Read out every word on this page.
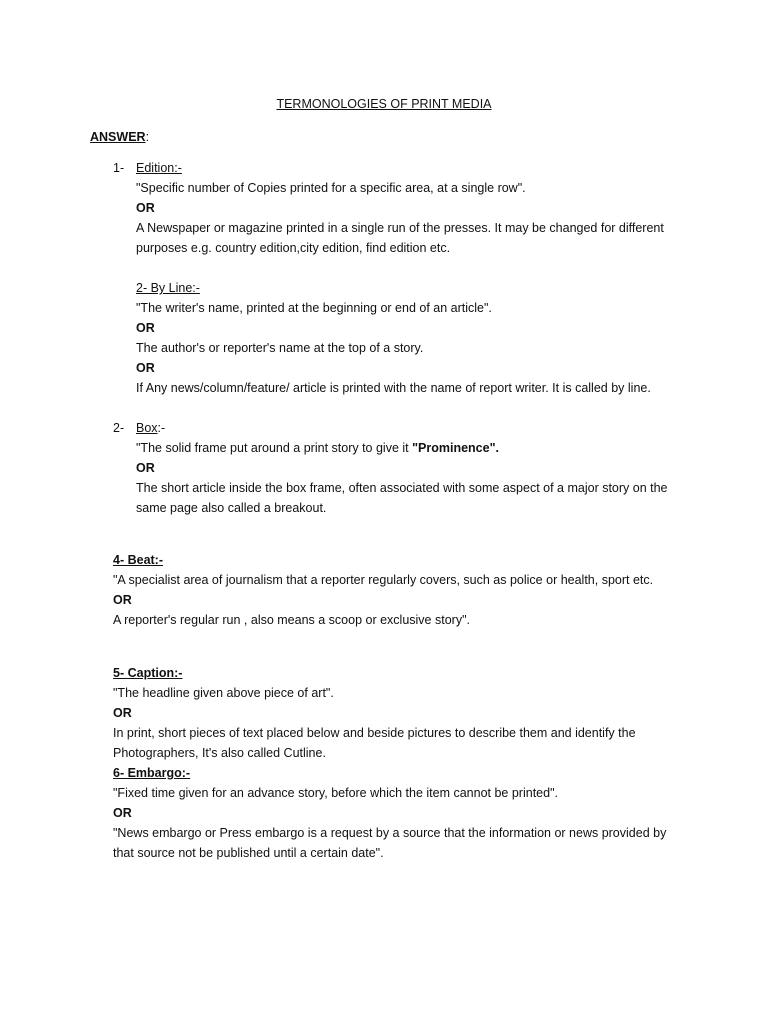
TERMONOLOGIES OF PRINT MEDIA
ANSWER:
1- Edition:-
"Specific number of Copies printed for a specific area, at a single row".
OR
A Newspaper or magazine printed in a single run of the presses. It may be changed for different
purposes e.g. country edition,city edition, find edition etc.
2- By Line:-
"The writer's name, printed at the beginning or end of an article".
OR
The author's or reporter's name at the top of a story.
OR
If Any news/column/feature/ article is printed with the name of report writer. It is called by line.
2- Box:-
"The solid frame put around a print story to give it "Prominence".
OR
The short article inside the box frame, often associated with some aspect of a major story on the
same page also called a breakout.
4- Beat:-
"A specialist area of journalism that a reporter regularly covers, such as police or health, sport etc.
OR
A reporter's regular run , also means a scoop or exclusive story".
5- Caption:-
"The headline given above piece of art".
OR
In print, short pieces of text placed below and beside pictures to describe them and identify the
Photographers, It's also called Cutline.
6- Embargo:-
"Fixed time given for an advance story, before which the item cannot be printed".
OR
"News embargo or Press embargo is a request by a source that the information or news provided by
that source not be published until a certain date".
